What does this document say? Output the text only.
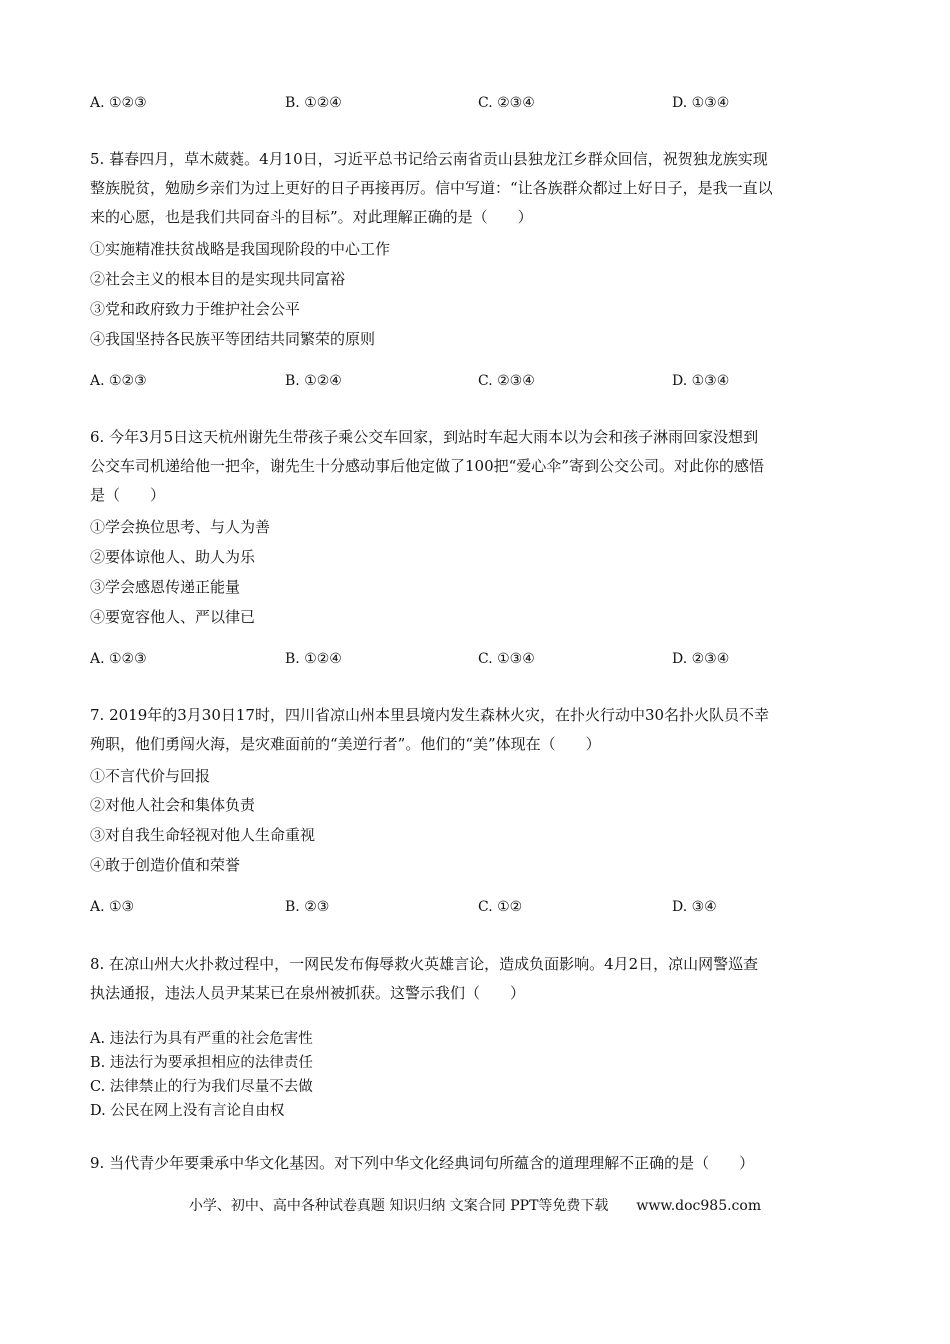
A. ①②③	B. ①②④	C. ②③④	D. ①③④
5. 暮春四月，草木葳蕤。4月10日，习近平总书记给云南省贡山县独龙江乡群众回信，祝贺独龙族实现
整族脱贫，勉励乡亲们为过上更好的日子再接再厉。信中写道：“让各族群众都过上好日子，是我一直以
来的心愿，也是我们共同奋斗的目标”。对此理解正确的是（　　）
①实施精准扶贫战略是我国现阶段的中心工作
②社会主义的根本目的是实现共同富裕
③党和政府致力于维护社会公平
④我国坚持各民族平等团结共同繁荣的原则
A. ①②③	B. ①②④	C. ②③④	D. ①③④
6. 今年3月5日这天杭州谢先生带孩子乘公交车回家，到站时车起大雨本以为会和孩子淋雨回家没想到
公交车司机递给他一把伞，谢先生十分感动事后他定做了100把“爱心伞”寄到公交公司。对此你的感悟
是（　　）
①学会换位思考、与人为善
②要体谅他人、助人为乐
③学会感恩传递正能量
④要宽容他人、严以律已
A. ①②③	B. ①②④	C. ①③④	D. ②③④
7. 2019年的3月30日17时，四川省凉山州本里县境内发生森林火灾，在扑火行动中30名扑火队员不幸
殉职，他们勇闯火海，是灾难面前的“美逆行者”。他们的“美”体现在（　　）
①不言代价与回报
②对他人社会和集体负责
③对自我生命轻视对他人生命重视
④敢于创造价值和荣誉
A. ①③	B. ②③	C. ①②	D. ③④
8. 在凉山州大火扑救过程中，一网民发布侮辱救火英雄言论，造成负面影响。4月2日，凉山网警巡查
执法通报，违法人员尹某某已在泉州被抓获。这警示我们（　　）
A. 违法行为具有严重的社会危害性
B. 违法行为要承担相应的法律责任
C. 法律禁止的行为我们尽量不去做
D. 公民在网上没有言论自由权
9. 当代青少年要秉承中华文化基因。对下列中华文化经典词句所蕴含的道理理解不正确的是（　　）
小学、初中、高中各种试卷真题 知识归纳 文案合同 PPT等免费下载　　www.doc985.com
